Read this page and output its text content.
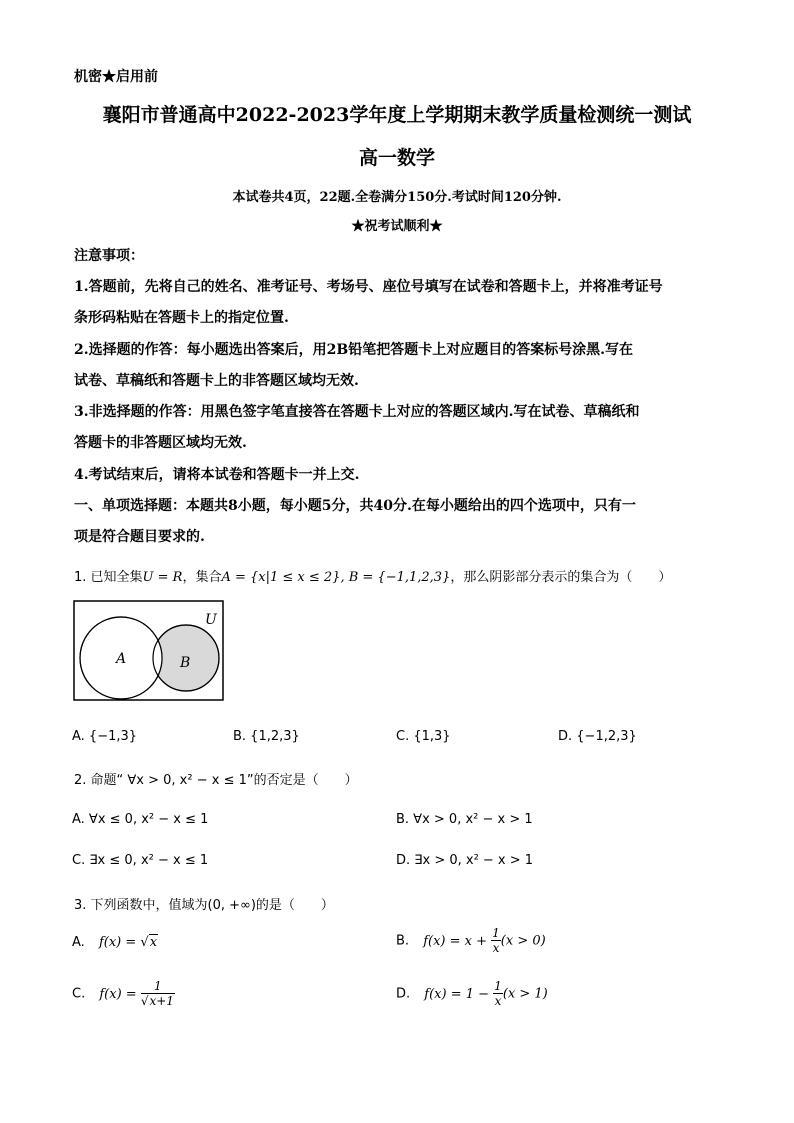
机密★启用前
襄阳市普通高中2022-2023学年度上学期期末教学质量检测统一测试
高一数学
本试卷共4页，22题.全卷满分150分.考试时间120分钟.
★祝考试顺利★
注意事项：
1.答题前，先将自己的姓名、准考证号、考场号、座位号填写在试卷和答题卡上，并将准考证号
条形码粘贴在答题卡上的指定位置.
2.选择题的作答：每小题选出答案后，用2B铅笔把答题卡上对应题目的答案标号涂黑.写在
试卷、草稿纸和答题卡上的非答题区域均无效.
3.非选择题的作答：用黑色签字笔直接答在答题卡上对应的答题区域内.写在试卷、草稿纸和
答题卡的非答题区域均无效.
4.考试结束后，请将本试卷和答题卡一并上交.
一、单项选择题：本题共8小题，每小题5分，共40分.在每小题给出的四个选项中，只有一
项是符合题目要求的.
1. 已知全集U = R，集合A = {x|1 ≤ x ≤ 2}, B = {−1,1,2,3}，那么阴影部分表示的集合为（　　）
U
A	B
A. {−1,3}	B. {1,2,3}	C. {1,3}	D. {−1,2,3}
2. 命题“ ∀x > 0, x² − x ≤ 1”的否定是（　　）
A. ∀x ≤ 0, x² − x ≤ 1	B. ∀x > 0, x² − x > 1
C. ∃x ≤ 0, x² − x ≤ 1	D. ∃x > 0, x² − x > 1
3. 下列函数中，值域为(0, +∞)的是（　　）
A. f(x) = √x	B. $f(x) = x + \frac{1}{x} (x > 0)$
C. $f(x) = \frac{1}{√x+1}$	D. $f(x) = 1 - \frac{1}{x} (x > 1)$
